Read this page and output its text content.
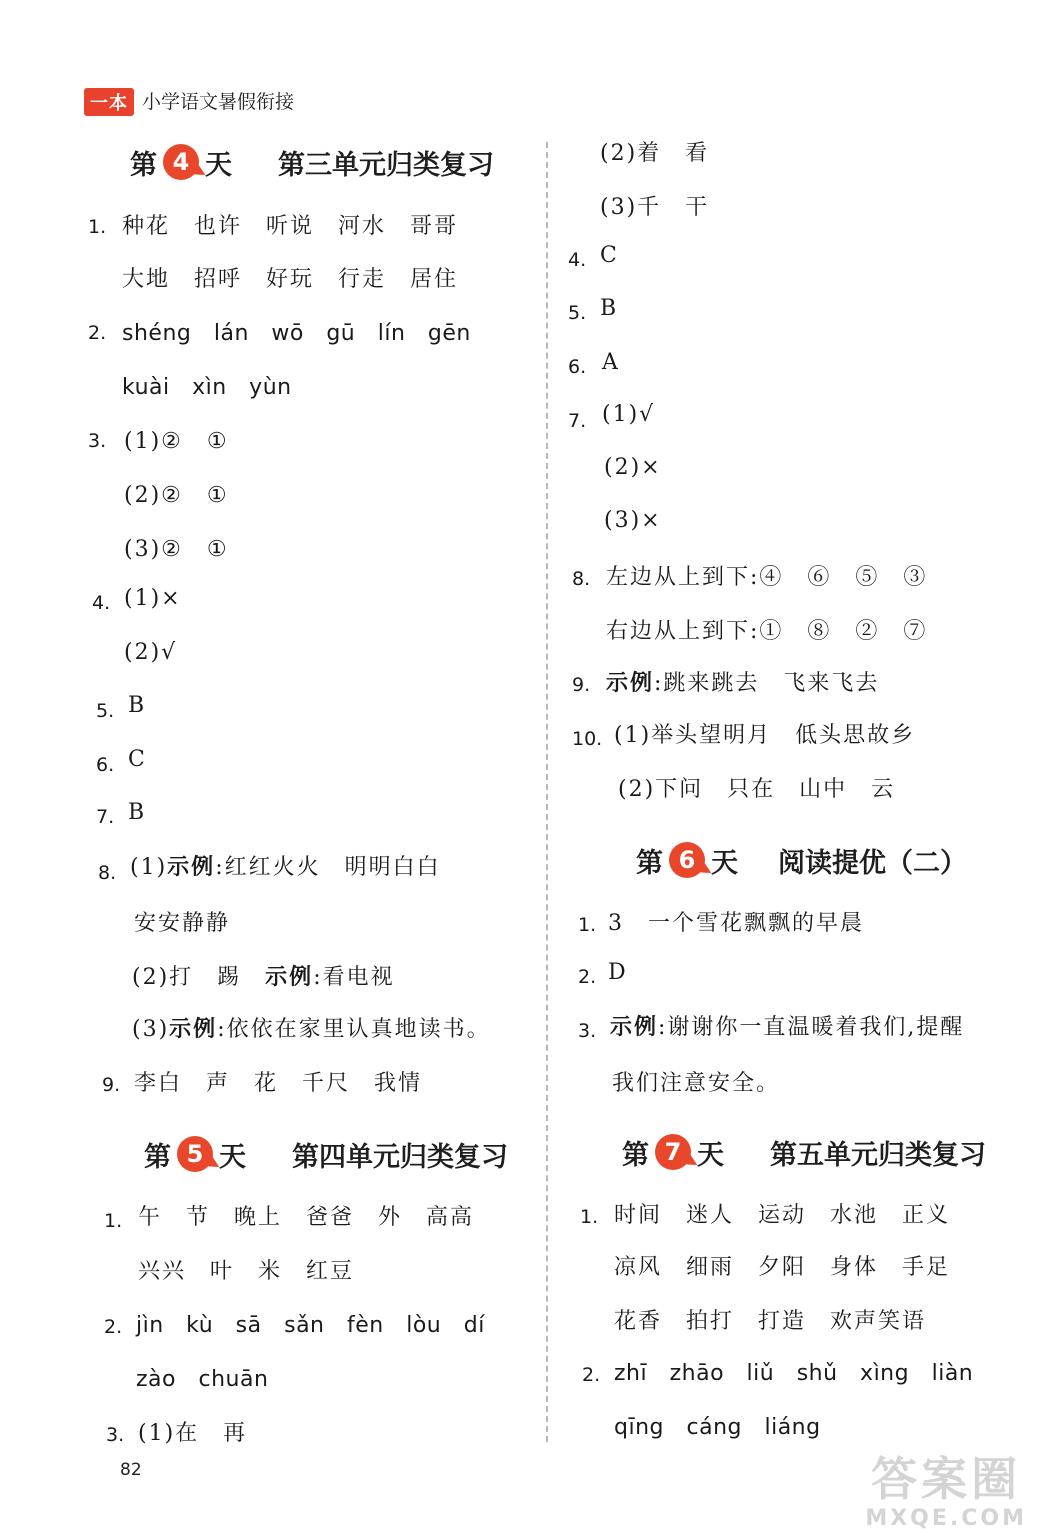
一本 小学语文暑假衔接
第 4 天 第三单元归类复习
1. 种花　也许　听说　河水　哥哥
大地　招呼　好玩　行走　居住
2. shéng　lán　wō　gū　lín　gēn
kuài　xìn　yùn
3. (1)②　①
(2)②　①
(3)②　①
4. (1)×
(2)√
5. B
6. C
7. B
8. (1)示例:红红火火　明明白白
安安静静
(2)打　踢　示例:看电视
(3)示例:依依在家里认真地读书。
9. 李白　声　花　千尺　我情
第 5 天 第四单元归类复习
1. 午　节　晚上　爸爸　外　高高
兴兴　叶　米　红豆
2. jìn　kù　sā　sǎn　fèn　lòu　dí
zào　chuān
3. (1)在　再
82
(2)着　看
(3)千　干
4. C
5. B
6. A
7. (1)√
(2)×
(3)×
8. 左边从上到下:④　⑥　⑤　③
右边从上到下:①　⑧　②　⑦
9. 示例:跳来跳去　飞来飞去
10. (1)举头望明月　低头思故乡
(2)下问　只在　山中　云
第 6 天 阅读提优（二）
1. 3　一个雪花飘飘的早晨
2. D
3. 示例:谢谢你一直温暖着我们,提醒
我们注意安全。
第 7 天 第五单元归类复习
1. 时间　迷人　运动　水池　正义
凉风　细雨　夕阳　身体　手足
花香　拍打　打造　欢声笑语
2. zhī　zhāo　liǔ　shǔ　xìng　liàn
qīng　cáng　liáng
答案圈
MXQE.COM
